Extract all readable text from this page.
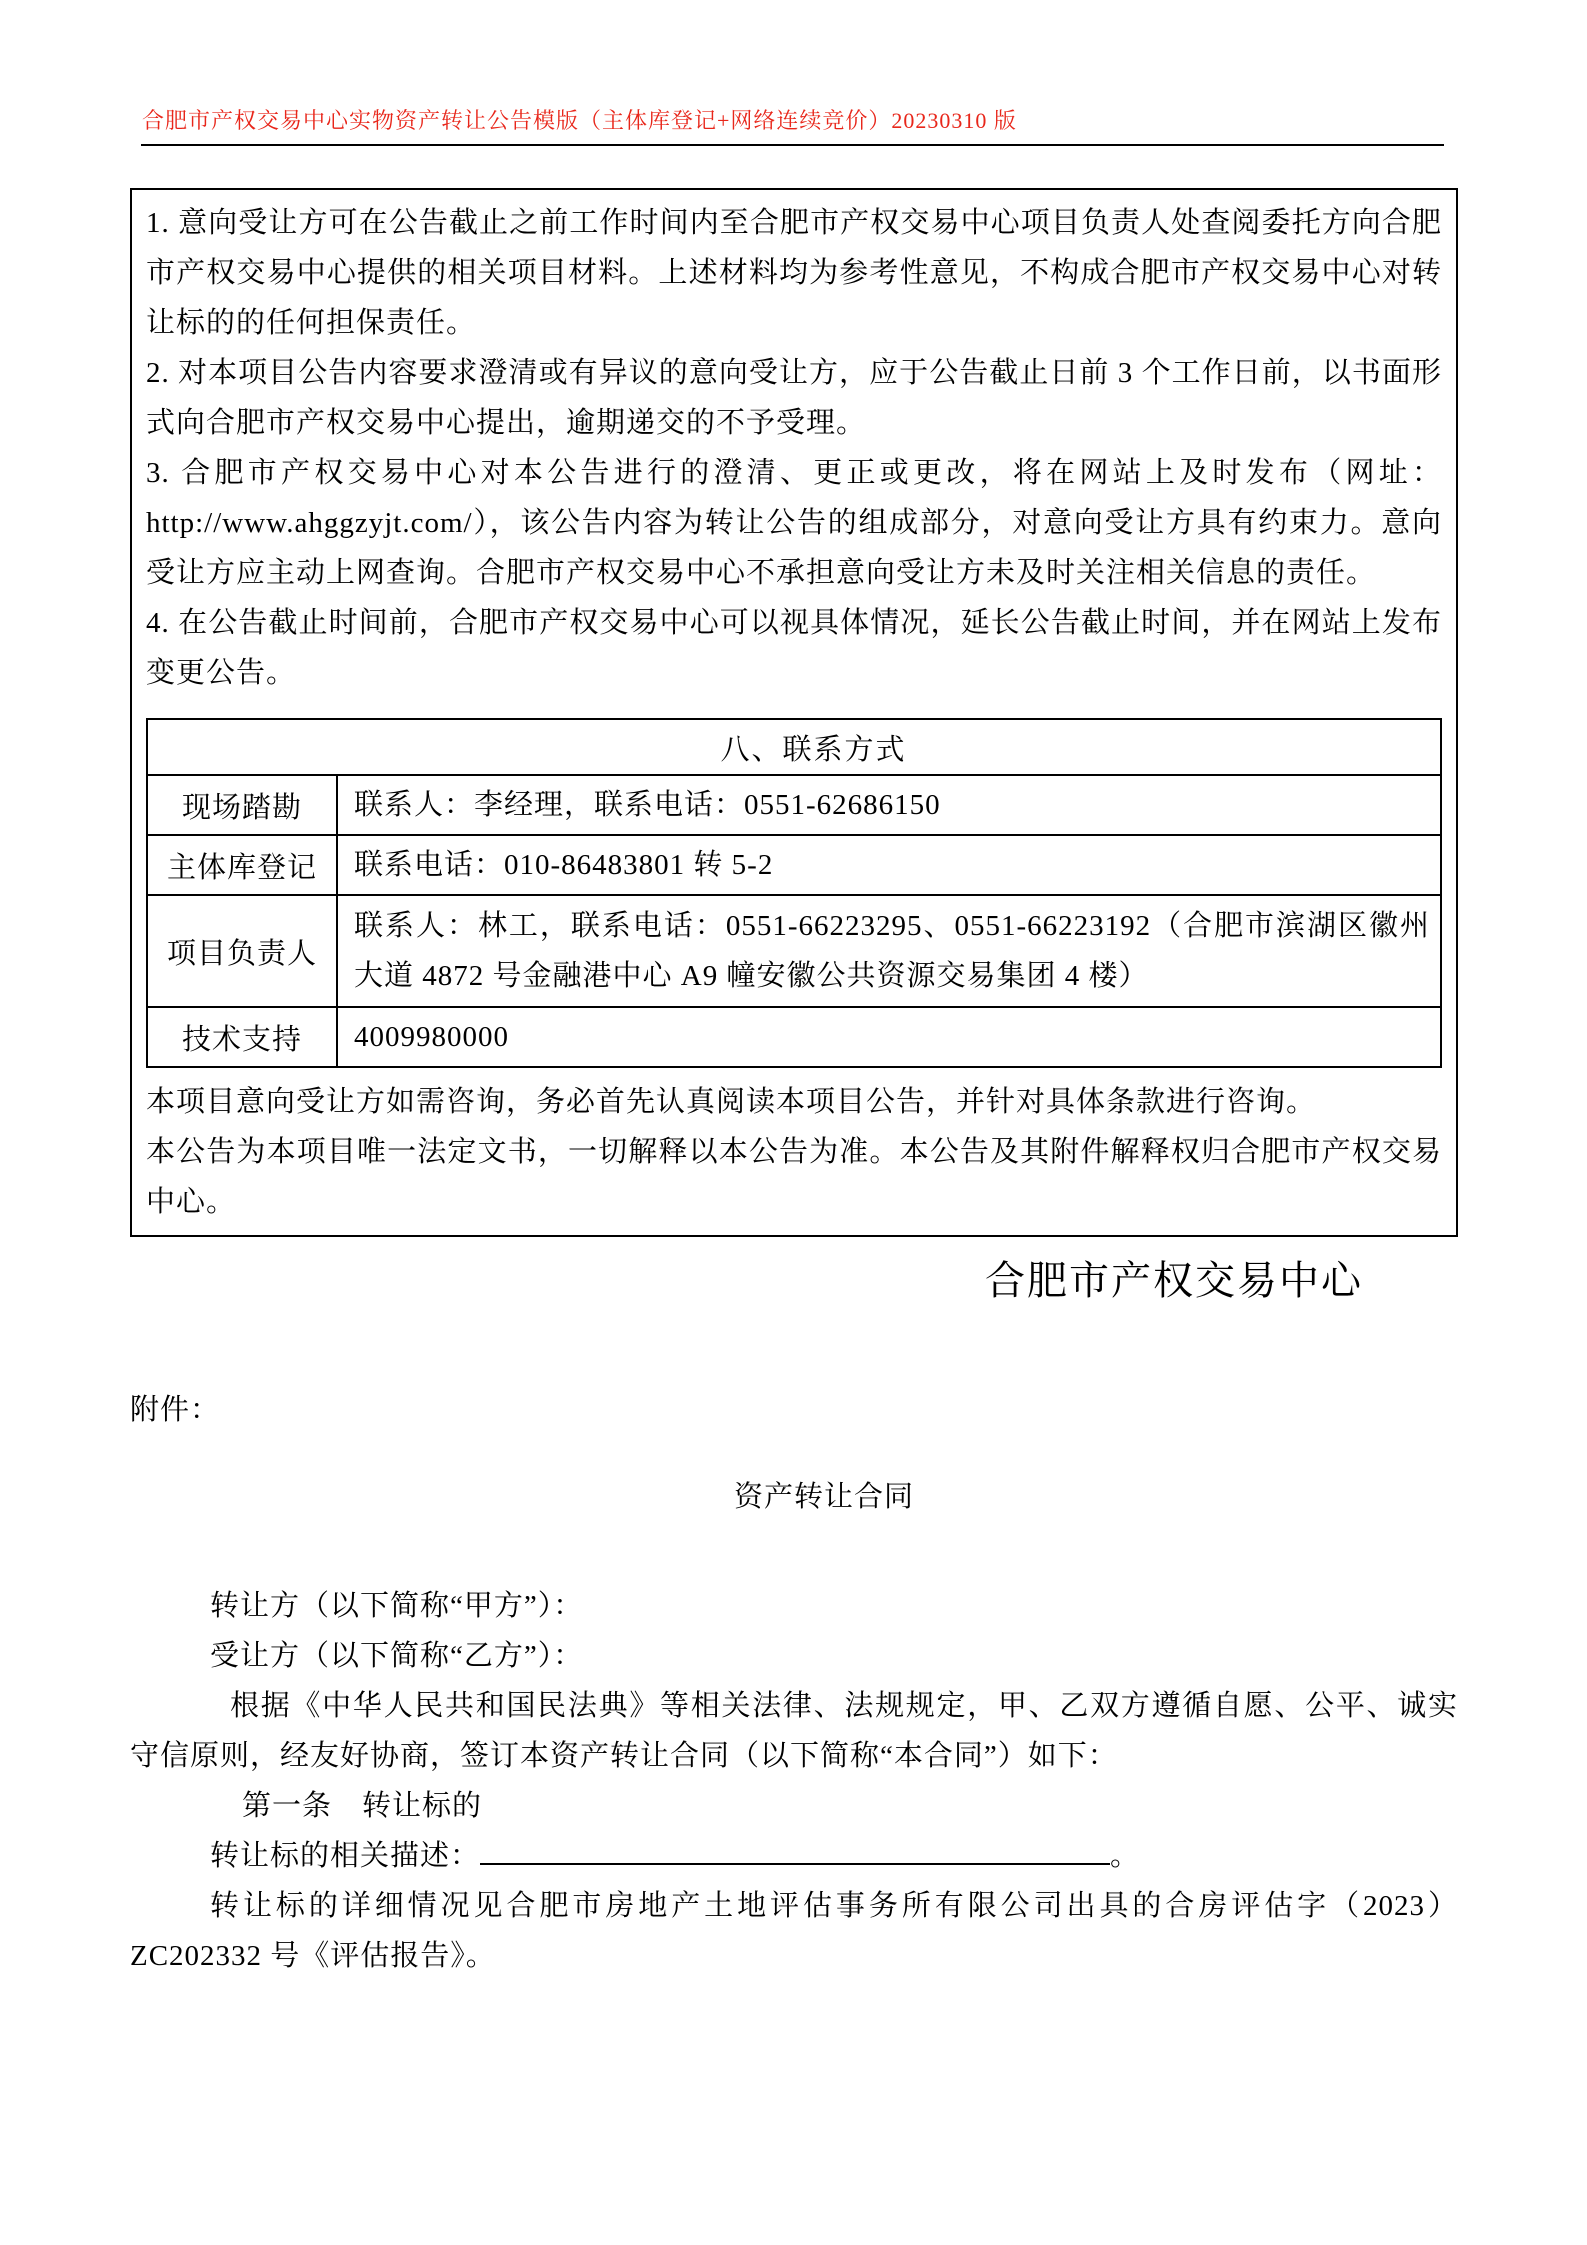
合肥市产权交易中心实物资产转让公告模版（主体库登记+网络连续竞价）20230310 版

1. 意向受让方可在公告截止之前工作时间内至合肥市产权交易中心项目负责人处查阅委托方向合肥市产权交易中心提供的相关项目材料。上述材料均为参考性意见，不构成合肥市产权交易中心对转让标的的任何担保责任。

2. 对本项目公告内容要求澄清或有异议的意向受让方，应于公告截止日前 3 个工作日前，以书面形式向合肥市产权交易中心提出，逾期递交的不予受理。

3. 合肥市产权交易中心对本公告进行的澄清、更正或更改，将在网站上及时发布（网址：http://www.ahggzyjt.com/），该公告内容为转让公告的组成部分，对意向受让方具有约束力。意向受让方应主动上网查询。合肥市产权交易中心不承担意向受让方未及时关注相关信息的责任。

4. 在公告截止时间前，合肥市产权交易中心可以视具体情况，延长公告截止时间，并在网站上发布变更公告。

八、联系方式	
现场踏勘	联系人：李经理，联系电话：0551-62686150
主体库登记	联系电话：010-86483801 转 5-2
项目负责人	联系人：林工，联系电话：0551-66223295、0551-66223192（合肥市滨湖区徽州大道 4872 号金融港中心 A9 幢安徽公共资源交易集团 4 楼）
技术支持	4009980000

本项目意向受让方如需咨询，务必首先认真阅读本项目公告，并针对具体条款进行咨询。

本公告为本项目唯一法定文书，一切解释以本公告为准。本公告及其附件解释权归合肥市产权交易中心。

合肥市产权交易中心
附件：
资产转让合同

转让方（以下简称“甲方”）：

受让方（以下简称“乙方”）：

根据《中华人民共和国民法典》等相关法律、法规规定，甲、乙双方遵循自愿、公平、诚实守信原则，经友好协商，签订本资产转让合同（以下简称“本合同”）如下：

第一条　转让标的

转让标的相关描述：	。

转让标的详细情况见合肥市房地产土地评估事务所有限公司出具的合房评估字（2023）ZC202332 号《评估报告》。
